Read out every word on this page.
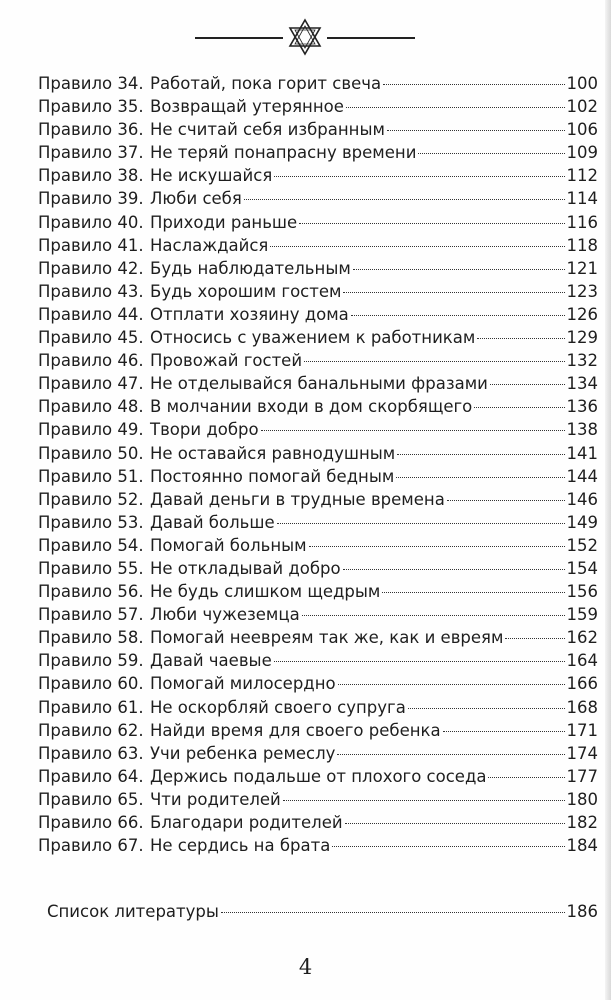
Правило 34. Работай, пока горит свеча	100
Правило 35. Возвращай утерянное	102
Правило 36. Не считай себя избранным	106
Правило 37. Не теряй понапрасну времени	109
Правило 38. Не искушайся	112
Правило 39. Люби себя	114
Правило 40. Приходи раньше	116
Правило 41. Наслаждайся	118
Правило 42. Будь наблюдательным	121
Правило 43. Будь хорошим гостем	123
Правило 44. Отплати хозяину дома	126
Правило 45. Относись с уважением к работникам	129
Правило 46. Провожай гостей	132
Правило 47. Не отделывайся банальными фразами	134
Правило 48. В молчании входи в дом скорбящего	136
Правило 49. Твори добро	138
Правило 50. Не оставайся равнодушным	141
Правило 51. Постоянно помогай бедным	144
Правило 52. Давай деньги в трудные времена	146
Правило 53. Давай больше	149
Правило 54. Помогай больным	152
Правило 55. Не откладывай добро	154
Правило 56. Не будь слишком щедрым	156
Правило 57. Люби чужеземца	159
Правило 58. Помогай неевреям так же, как и евреям	162
Правило 59. Давай чаевые	164
Правило 60. Помогай милосердно	166
Правило 61. Не оскорбляй своего супруга	168
Правило 62. Найди время для своего ребенка	171
Правило 63. Учи ребенка ремеслу	174
Правило 64. Держись подальше от плохого соседа	177
Правило 65. Чти родителей	180
Правило 66. Благодари родителей	182
Правило 67. Не сердись на брата	184
Список литературы	186
4
